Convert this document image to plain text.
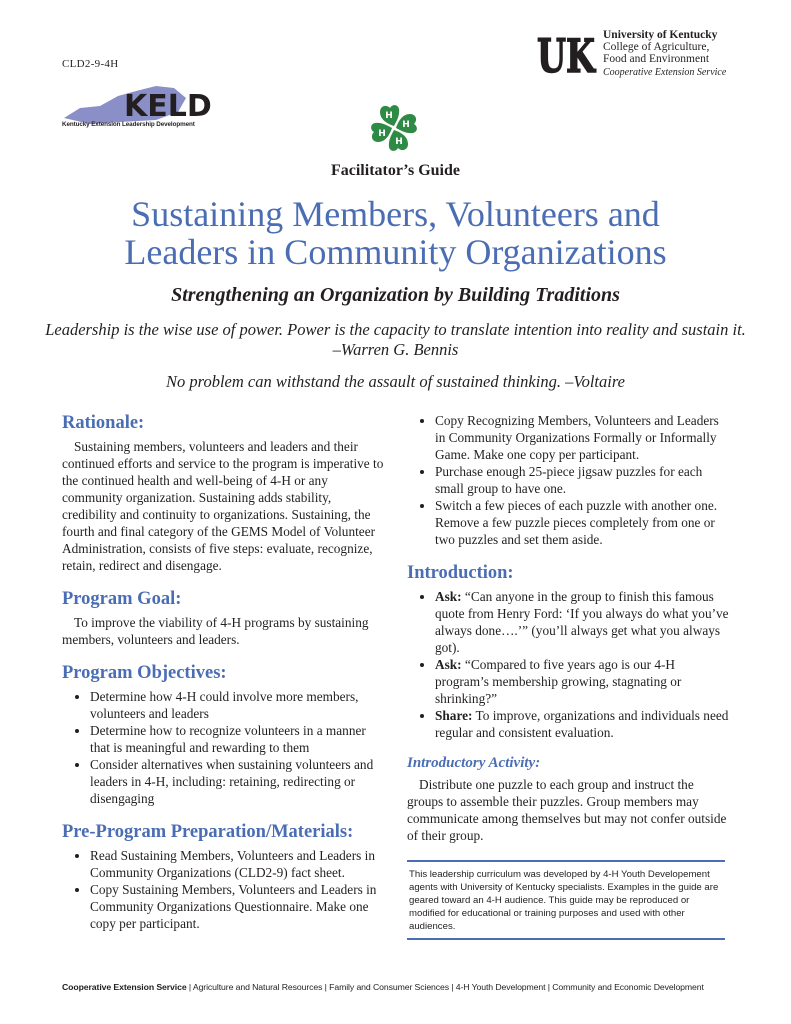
CLD2-9-4H
KELD
Kentucky Extension Leadership Development
UK University of Kentucky
College of Agriculture,
Food and Environment
Cooperative Extension Service
H
H
H
H
Facilitator’s Guide
Sustaining Members, Volunteers and
Leaders in Community Organizations
Strengthening an Organization by Building Traditions
Leadership is the wise use of power. Power is the capacity to translate intention into reality and sustain it. –Warren G. Bennis
No problem can withstand the assault of sustained thinking. –Voltaire
Rationale:

Sustaining members, volunteers and leaders and their continued efforts and service to the program is imperative to the continued health and well-being of 4-H or any community organization. Sustaining adds stability, credibility and continuity to organizations. Sustaining, the fourth and final category of the GEMS Model of Volunteer Administration, consists of five steps: evaluate, recognize, retain, redirect and disengage.

Program Goal:

To improve the viability of 4-H programs by sustaining members, volunteers and leaders.

Program Objectives:
• Determine how 4-H could involve more members, volunteers and leaders
• Determine how to recognize volunteers in a manner that is meaningful and rewarding to them
• Consider alternatives when sustaining volunteers and leaders in 4-H, including: retaining, redirecting or disengaging
Pre-Program Preparation/Materials:
• Read Sustaining Members, Volunteers and Leaders in Community Organizations (CLD2-9) fact sheet.
• Copy Sustaining Members, Volunteers and Leaders in Community Organizations Questionnaire. Make one copy per participant.
• Copy Recognizing Members, Volunteers and Leaders in Community Organizations Formally or Informally Game. Make one copy per participant.
• Purchase enough 25-piece jigsaw puzzles for each small group to have one.
• Switch a few pieces of each puzzle with another one. Remove a few puzzle pieces completely from one or two puzzles and set them aside.
Introduction:
• Ask: “Can anyone in the group to finish this famous quote from Henry Ford: ‘If you always do what you’ve always done….’” (you’ll always get what you always got).
• Ask: “Compared to five years ago is our 4-H program’s membership growing, stagnating or shrinking?”
• Share: To improve, organizations and individuals need regular and consistent evaluation.
Introductory Activity:

Distribute one puzzle to each group and instruct the groups to assemble their puzzles. Group members may communicate among themselves but may not confer outside of their group.

This leadership curriculum was developed by 4-H Youth Developement agents with University of Kentucky specialists. Examples in the guide are geared toward an 4-H audience. This guide may be reproduced or modified for educational or training purposes and used with other audiences.
Cooperative Extension Service | Agriculture and Natural Resources | Family and Consumer Sciences | 4-H Youth Development | Community and Economic Development
